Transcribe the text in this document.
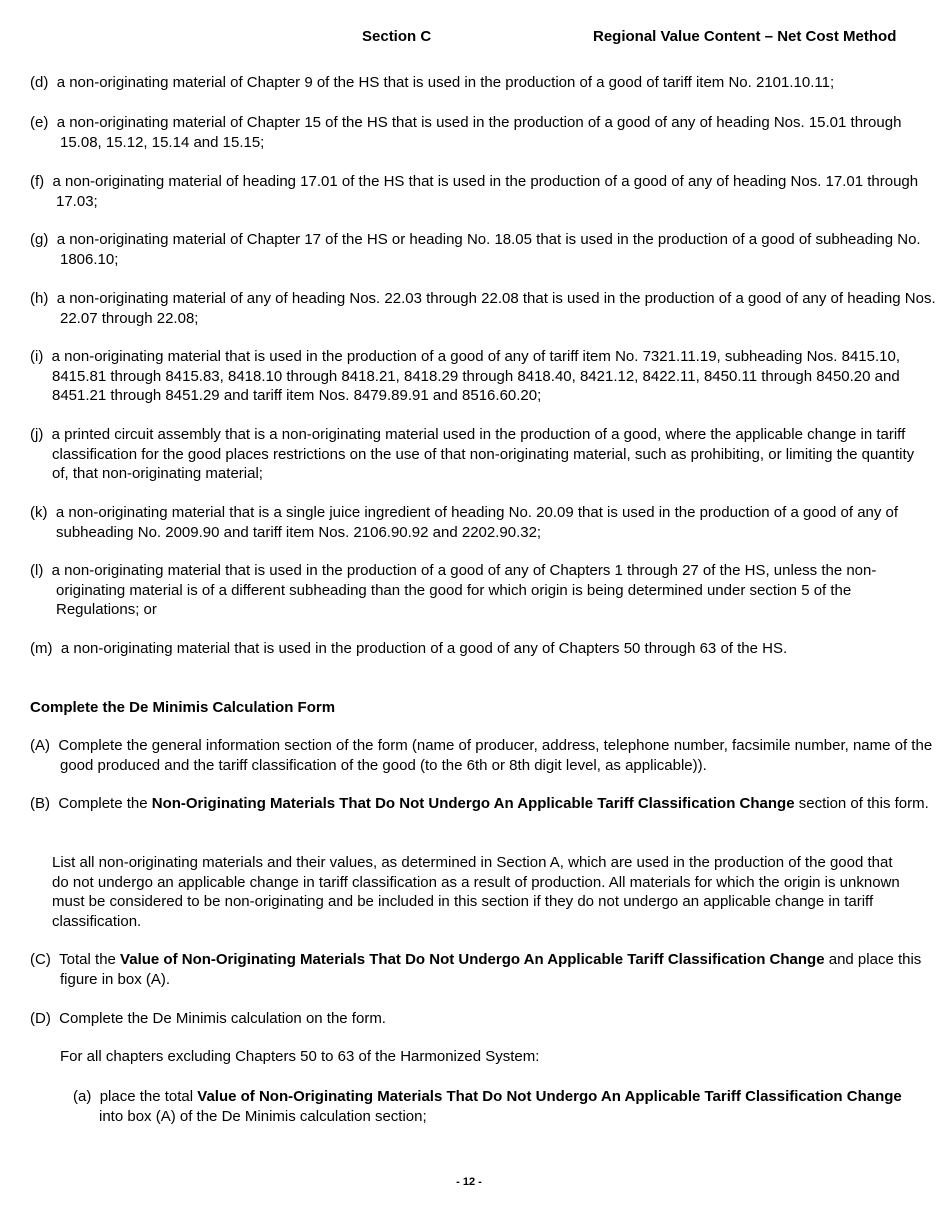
Section C	Regional Value Content – Net Cost Method
(d) a non-originating material of Chapter 9 of the HS that is used in the production of a good of tariff item No. 2101.10.11;
(e) a non-originating material of Chapter 15 of the HS that is used in the production of a good of any of heading Nos. 15.01 through 15.08, 15.12, 15.14 and 15.15;
(f) a non-originating material of heading 17.01 of the HS that is used in the production of a good of any of heading Nos. 17.01 through 17.03;
(g) a non-originating material of Chapter 17 of the HS or heading No. 18.05 that is used in the production of a good of subheading No. 1806.10;
(h) a non-originating material of any of heading Nos. 22.03 through 22.08 that is used in the production of a good of any of heading Nos. 22.07 through 22.08;
(i) a non-originating material that is used in the production of a good of any of tariff item No. 7321.11.19, subheading Nos. 8415.10, 8415.81 through 8415.83, 8418.10 through 8418.21, 8418.29 through 8418.40, 8421.12, 8422.11, 8450.11 through 8450.20 and 8451.21 through 8451.29 and tariff item Nos. 8479.89.91 and 8516.60.20;
(j) a printed circuit assembly that is a non-originating material used in the production of a good, where the applicable change in tariff classification for the good places restrictions on the use of that non-originating material, such as prohibiting, or limiting the quantity of, that non-originating material;
(k) a non-originating material that is a single juice ingredient of heading No. 20.09 that is used in the production of a good of any of subheading No. 2009.90 and tariff item Nos. 2106.90.92 and 2202.90.32;
(l) a non-originating material that is used in the production of a good of any of Chapters 1 through 27 of the HS, unless the non-originating material is of a different subheading than the good for which origin is being determined under section 5 of the Regulations; or
(m) a non-originating material that is used in the production of a good of any of Chapters 50 through 63 of the HS.
Complete the De Minimis Calculation Form
(A) Complete the general information section of the form (name of producer, address, telephone number, facsimile number, name of the good produced and the tariff classification of the good (to the 6th or 8th digit level, as applicable)).
(B) Complete the Non-Originating Materials That Do Not Undergo An Applicable Tariff Classification Change section of this form.
List all non-originating materials and their values, as determined in Section A, which are used in the production of the good that do not undergo an applicable change in tariff classification as a result of production. All materials for which the origin is unknown must be considered to be non-originating and be included in this section if they do not undergo an applicable change in tariff classification.
(C) Total the Value of Non-Originating Materials That Do Not Undergo An Applicable Tariff Classification Change and place this figure in box (A).
(D) Complete the De Minimis calculation on the form.
For all chapters excluding Chapters 50 to 63 of the Harmonized System:
(a) place the total Value of Non-Originating Materials That Do Not Undergo An Applicable Tariff Classification Change into box (A) of the De Minimis calculation section;
- 12 -
